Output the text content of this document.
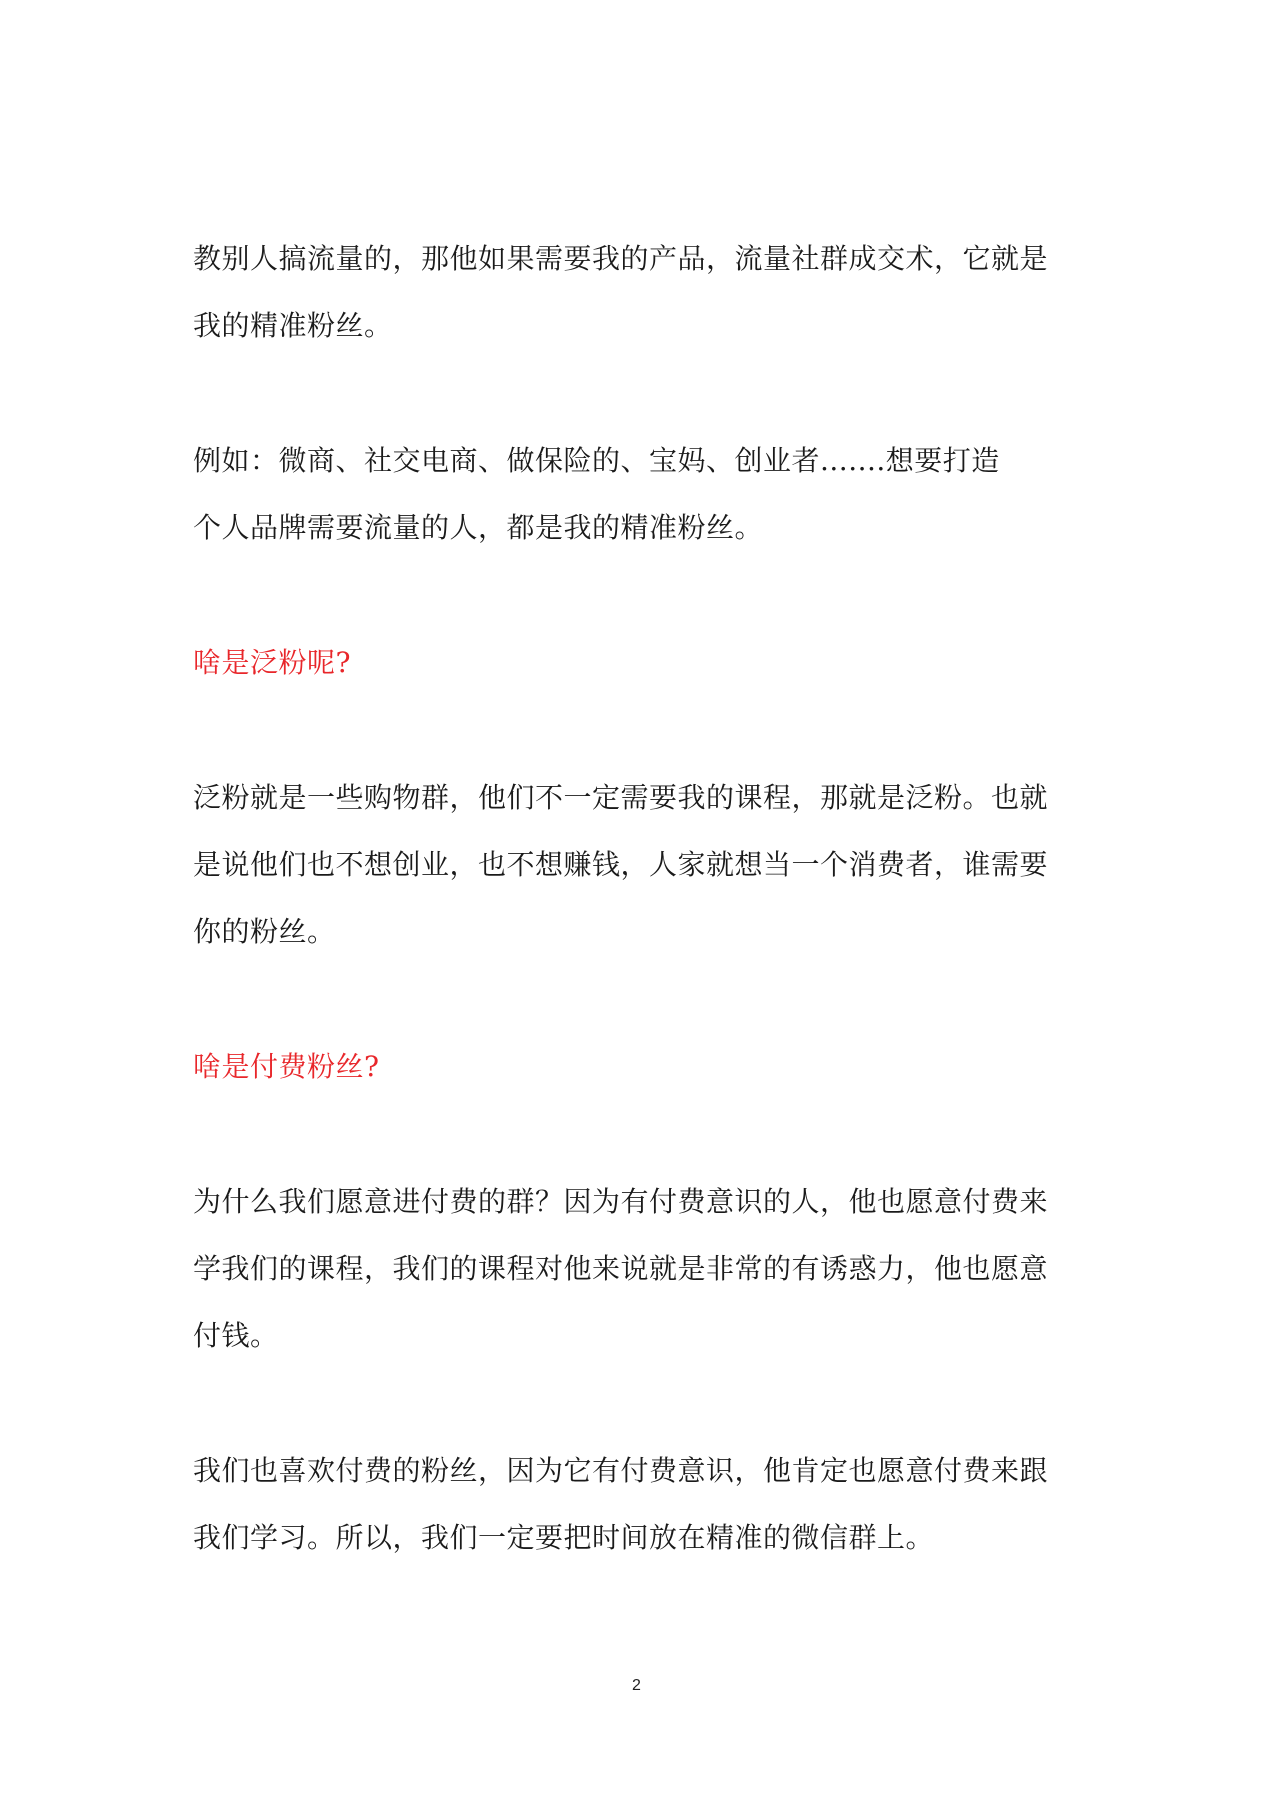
教别人搞流量的，那他如果需要我的产品，流量社群成交术，它就是
我的精准粉丝。

例如：微商、社交电商、做保险的、宝妈、创业者.......想要打造
个人品牌需要流量的人，都是我的精准粉丝。

啥是泛粉呢?

泛粉就是一些购物群，他们不一定需要我的课程，那就是泛粉。也就
是说他们也不想创业，也不想赚钱，人家就想当一个消费者，谁需要
你的粉丝。

啥是付费粉丝?

为什么我们愿意进付费的群？因为有付费意识的人，他也愿意付费来
学我们的课程，我们的课程对他来说就是非常的有诱惑力，他也愿意
付钱。

我们也喜欢付费的粉丝，因为它有付费意识，他肯定也愿意付费来跟
我们学习。所以，我们一定要把时间放在精准的微信群上。

2
